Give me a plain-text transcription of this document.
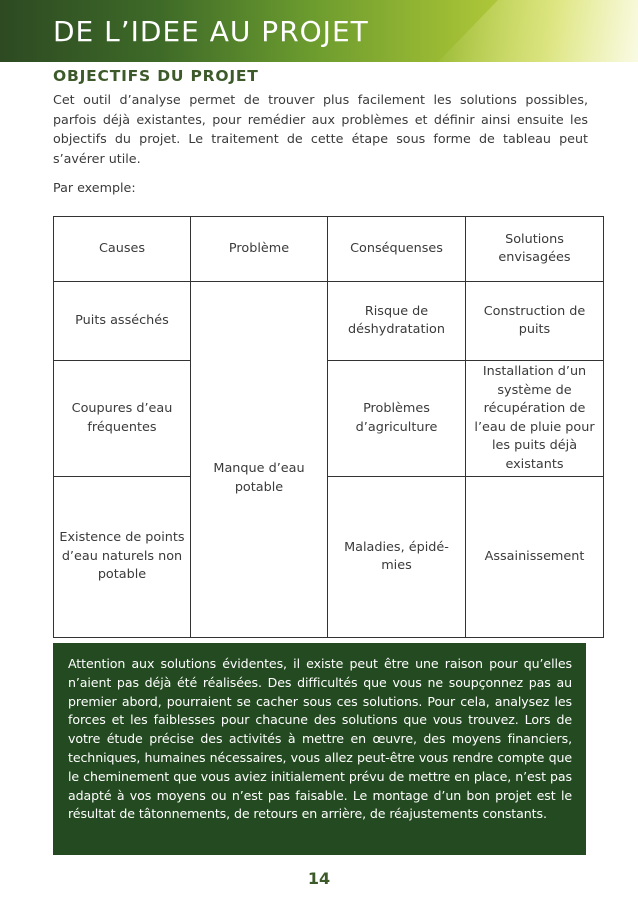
DE L’IDEE AU PROJET
OBJECTIFS DU PROJET

Cet outil d’analyse permet de trouver plus facilement les solutions possibles, parfois déjà existantes, pour remédier aux problèmes et définir ainsi ensuite les objectifs du projet. Le traitement de cette étape sous forme de tableau peut s’avérer utile.

Par exemple:

Causes	Problème	Conséquenses	Solutions envisagées
Puits asséchés	Manque d’eau potable	Risque de déshydratation	Construction de puits
Coupures d’eau fréquentes		Problèmes d’agriculture	Installation d’un système de récupération de l’eau de pluie pour les puits déjà existants
Existence de points d’eau naturels non potable		Maladies, épidé- mies	Assainissement

Attention aux solutions évidentes, il existe peut être une raison pour qu’elles n’aient pas déjà été réalisées. Des difficultés que vous ne soupçonnez pas au premier abord, pourraient se cacher sous ces solutions. Pour cela, analysez les forces et les faiblesses pour chacune des solutions que vous trouvez. Lors de votre étude précise des activités à mettre en œuvre, des moyens financiers, techniques, humaines nécessaires, vous allez peut-être vous rendre compte que le cheminement que vous aviez initialement prévu de mettre en place, n’est pas adapté à vos moyens ou n’est pas faisable. Le montage d’un bon projet est le résultat de tâtonnements, de retours en arrière, de réajustements constants.

14
